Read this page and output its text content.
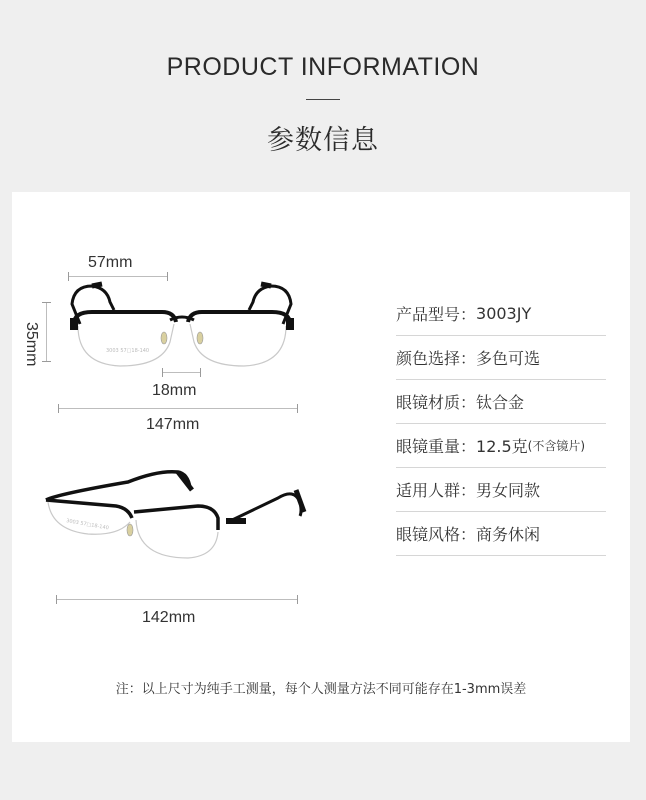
PRODUCT INFORMATION
参数信息
3003 57□18-140
57mm
35mm
18mm
147mm
3003 57□18-140
142mm
产品型号： 3003JY
颜色选择： 多色可选
眼镜材质： 钛合金
眼镜重量： 12.5克 (不含镜片)
适用人群： 男女同款
眼镜风格： 商务休闲
注：以上尺寸为纯手工测量，每个人测量方法不同可能存在1-3mm误差
